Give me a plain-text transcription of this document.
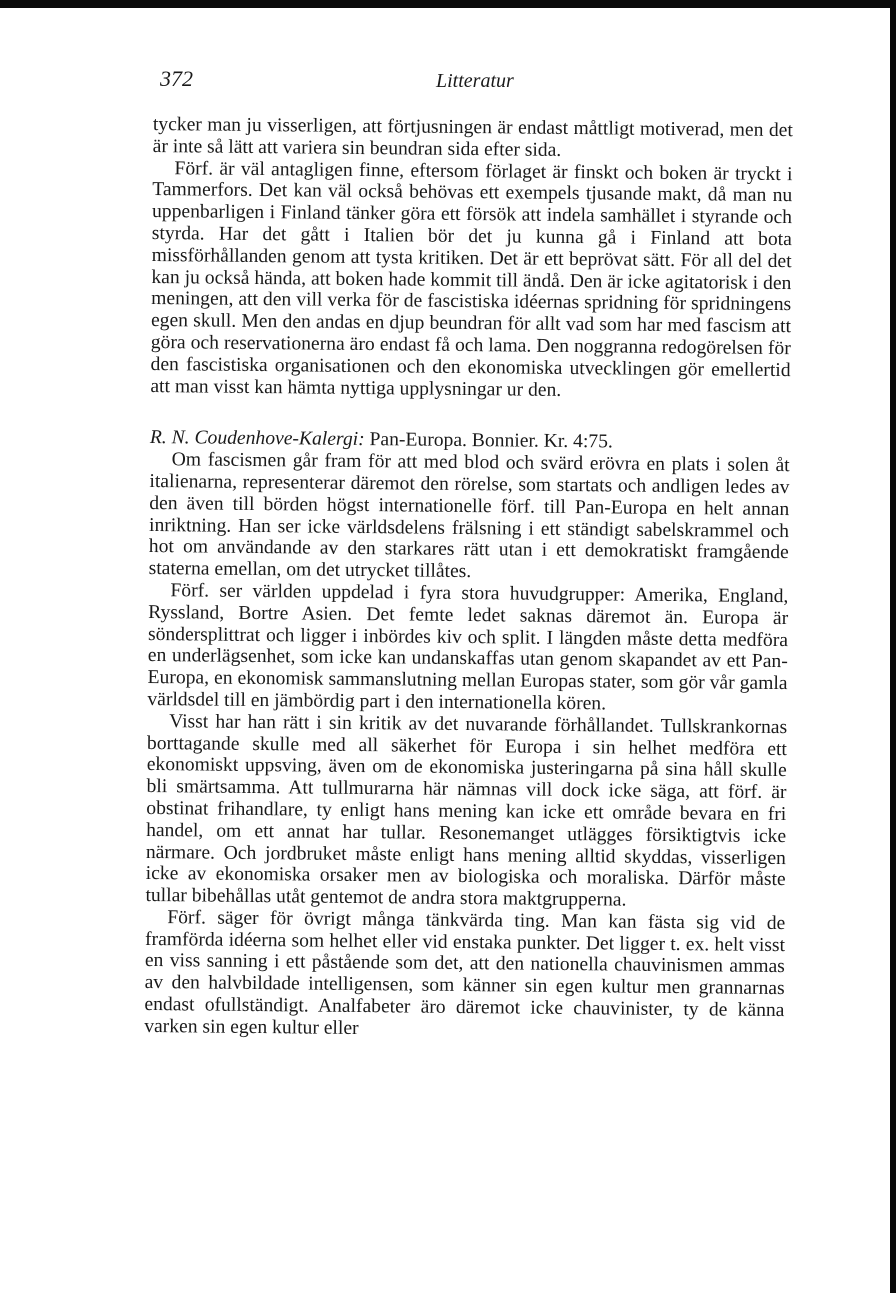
372	Litteratur

tycker man ju visserligen, att förtjusningen är endast måttligt motiverad, men det är inte så lätt att variera sin beundran sida efter sida.

Förf. är väl antagligen finne, eftersom förlaget är finskt och boken är tryckt i Tammerfors. Det kan väl också behövas ett exempels tjusande makt, då man nu uppenbarligen i Finland tänker göra ett försök att indela samhället i styrande och styrda. Har det gått i Italien bör det ju kunna gå i Finland att bota missförhållanden genom att tysta kritiken. Det är ett beprövat sätt. För all del det kan ju också hända, att boken hade kommit till ändå. Den är icke agitatorisk i den meningen, att den vill verka för de fascistiska idéernas spridning för spridningens egen skull. Men den andas en djup beundran för allt vad som har med fascism att göra och reservationerna äro endast få och lama. Den noggranna redogörelsen för den fascistiska organisationen och den ekonomiska utvecklingen gör emellertid att man visst kan hämta nyttiga upplysningar ur den.

R. N. Coudenhove-Kalergi: Pan-Europa. Bonnier. Kr. 4:75.

Om fascismen går fram för att med blod och svärd erövra en plats i solen åt italienarna, representerar däremot den rörelse, som startats och andligen ledes av den även till börden högst internationelle förf. till Pan-Europa en helt annan inriktning. Han ser icke världsdelens frälsning i ett ständigt sabelskrammel och hot om användande av den starkares rätt utan i ett demokratiskt framgående staterna emellan, om det utrycket tillåtes.

Förf. ser världen uppdelad i fyra stora huvudgrupper: Amerika, England, Ryssland, Bortre Asien. Det femte ledet saknas däremot än. Europa är söndersplittrat och ligger i inbördes kiv och split. I längden måste detta medföra en underlägsenhet, som icke kan undanskaffas utan genom skapandet av ett Pan-Europa, en ekonomisk sammanslutning mellan Europas stater, som gör vår gamla världsdel till en jämbördig part i den internationella kören.

Visst har han rätt i sin kritik av det nuvarande förhållandet. Tullskrankornas borttagande skulle med all säkerhet för Europa i sin helhet medföra ett ekonomiskt uppsving, även om de ekonomiska justeringarna på sina håll skulle bli smärtsamma. Att tullmurarna här nämnas vill dock icke säga, att förf. är obstinat frihandlare, ty enligt hans mening kan icke ett område bevara en fri handel, om ett annat har tullar. Resonemanget utlägges försiktigtvis icke närmare. Och jordbruket måste enligt hans mening alltid skyddas, visserligen icke av ekonomiska orsaker men av biologiska och moraliska. Därför måste tullar bibehållas utåt gentemot de andra stora maktgrupperna.

Förf. säger för övrigt många tänkvärda ting. Man kan fästa sig vid de framförda idéerna som helhet eller vid enstaka punkter. Det ligger t. ex. helt visst en viss sanning i ett påstående som det, att den nationella chauvinismen ammas av den halvbildade intelligensen, som känner sin egen kultur men grannarnas endast ofullständigt. Analfabeter äro däremot icke chauvinister, ty de känna varken sin egen kultur eller
